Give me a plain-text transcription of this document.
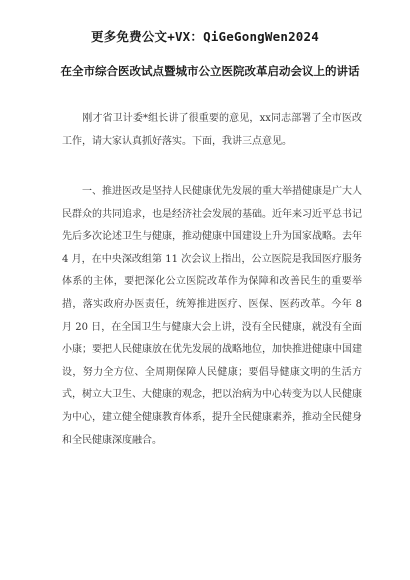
更多免费公文+VX：QiGeGongWen2024
在全市综合医改试点暨城市公立医院改革启动会议上的讲话

　　刚才省卫计委*组长讲了很重要的意见，xx同志部署了全市医改工作，请大家认真抓好落实。下面，我讲三点意见。

　　一、推进医改是坚持人民健康优先发展的重大举措健康是广大人民群众的共同追求，也是经济社会发展的基础。近年来习近平总书记先后多次论述卫生与健康，推动健康中国建设上升为国家战略。去年 4 月，在中央深改组第 11 次会议上指出，公立医院是我国医疗服务体系的主体，要把深化公立医院改革作为保障和改善民生的重要举措，落实政府办医责任，统筹推进医疗、医保、医药改革。今年 8 月 20 日，在全国卫生与健康大会上讲，没有全民健康，就没有全面小康；要把人民健康放在优先发展的战略地位，加快推进健康中国建设，努力全方位、全周期保障人民健康；要倡导健康文明的生活方式，树立大卫生、大健康的观念，把以治病为中心转变为以人民健康为中心，建立健全健康教育体系，提升全民健康素养，推动全民健身和全民健康深度融合。
